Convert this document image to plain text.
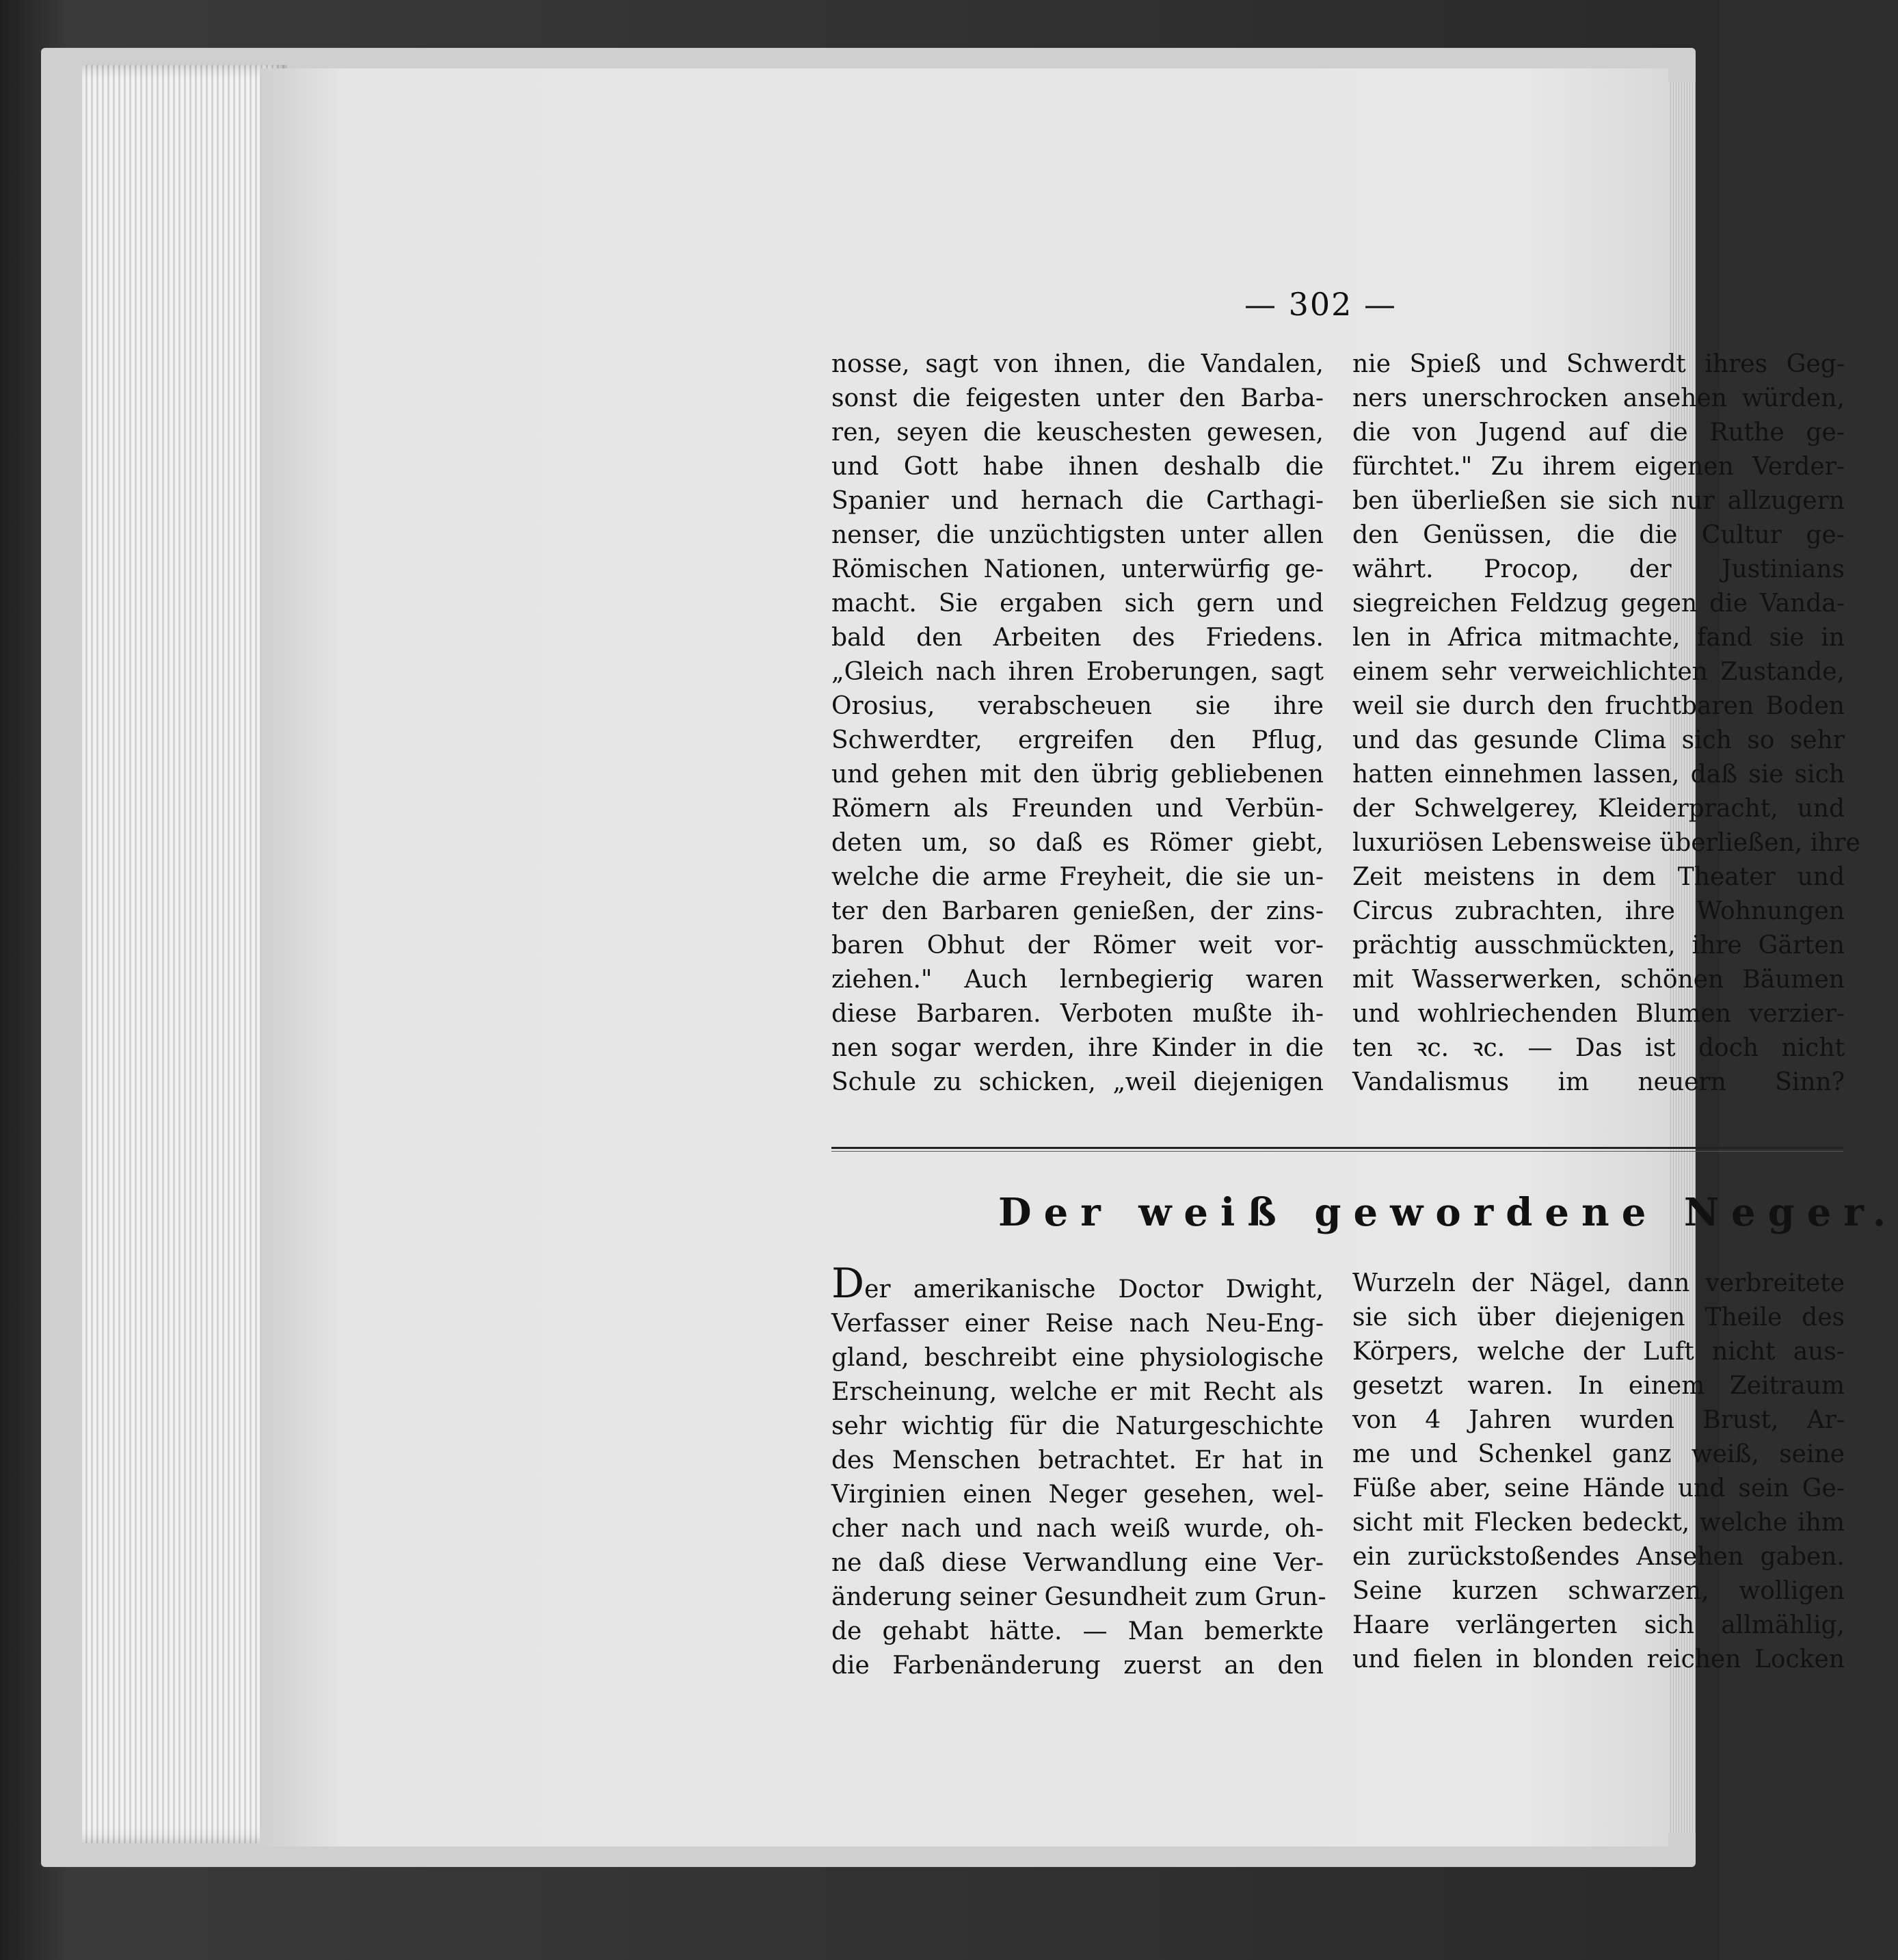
— 302 —
nosse, sagt von ihnen, die Vandalen,
sonst die feigesten unter den Barba-
ren, seyen die keuschesten gewesen,
und Gott habe ihnen deshalb die
Spanier und hernach die Carthagi-
nenser, die unzüchtigsten unter allen
Römischen Nationen, unterwürfig ge-
macht. Sie ergaben sich gern und
bald den Arbeiten des Friedens.
„Gleich nach ihren Eroberungen, sagt
Orosius, verabscheuen sie ihre
Schwerdter, ergreifen den Pflug,
und gehen mit den übrig gebliebenen
Römern als Freunden und Verbün-
deten um, so daß es Römer giebt,
welche die arme Freyheit, die sie un-
ter den Barbaren genießen, der zins-
baren Obhut der Römer weit vor-
ziehen." Auch lernbegierig waren
diese Barbaren. Verboten mußte ih-
nen sogar werden, ihre Kinder in die
Schule zu schicken, „weil diejenigen
nie Spieß und Schwerdt ihres Geg-
ners unerschrocken ansehen würden,
die von Jugend auf die Ruthe ge-
fürchtet." Zu ihrem eigenen Verder-
ben überließen sie sich nur allzugern
den Genüssen, die die Cultur ge-
währt. Procop, der Justinians
siegreichen Feldzug gegen die Vanda-
len in Africa mitmachte, fand sie in
einem sehr verweichlichten Zustande,
weil sie durch den fruchtbaren Boden
und das gesunde Clima sich so sehr
hatten einnehmen lassen, daß sie sich
der Schwelgerey, Kleiderpracht, und
luxuriösen Lebensweise überließen, ihre
Zeit meistens in dem Theater und
Circus zubrachten, ihre Wohnungen
prächtig ausschmückten, ihre Gärten
mit Wasserwerken, schönen Bäumen
und wohlriechenden Blumen verzier-
ten ꝛc. ꝛc. — Das ist doch nicht
Vandalismus im neuern Sinn?
Der weiß gewordene Neger.
Der amerikanische Doctor Dwight,
Verfasser einer Reise nach Neu-Eng-
gland, beschreibt eine physiologische
Erscheinung, welche er mit Recht als
sehr wichtig für die Naturgeschichte
des Menschen betrachtet. Er hat in
Virginien einen Neger gesehen, wel-
cher nach und nach weiß wurde, oh-
ne daß diese Verwandlung eine Ver-
änderung seiner Gesundheit zum Grun-
de gehabt hätte. — Man bemerkte
die Farbenänderung zuerst an den
Wurzeln der Nägel, dann verbreitete
sie sich über diejenigen Theile des
Körpers, welche der Luft nicht aus-
gesetzt waren. In einem Zeitraum
von 4 Jahren wurden Brust, Ar-
me und Schenkel ganz weiß, seine
Füße aber, seine Hände und sein Ge-
sicht mit Flecken bedeckt, welche ihm
ein zurückstoßendes Ansehen gaben.
Seine kurzen schwarzen, wolligen
Haare verlängerten sich allmählig,
und fielen in blonden reichen Locken
